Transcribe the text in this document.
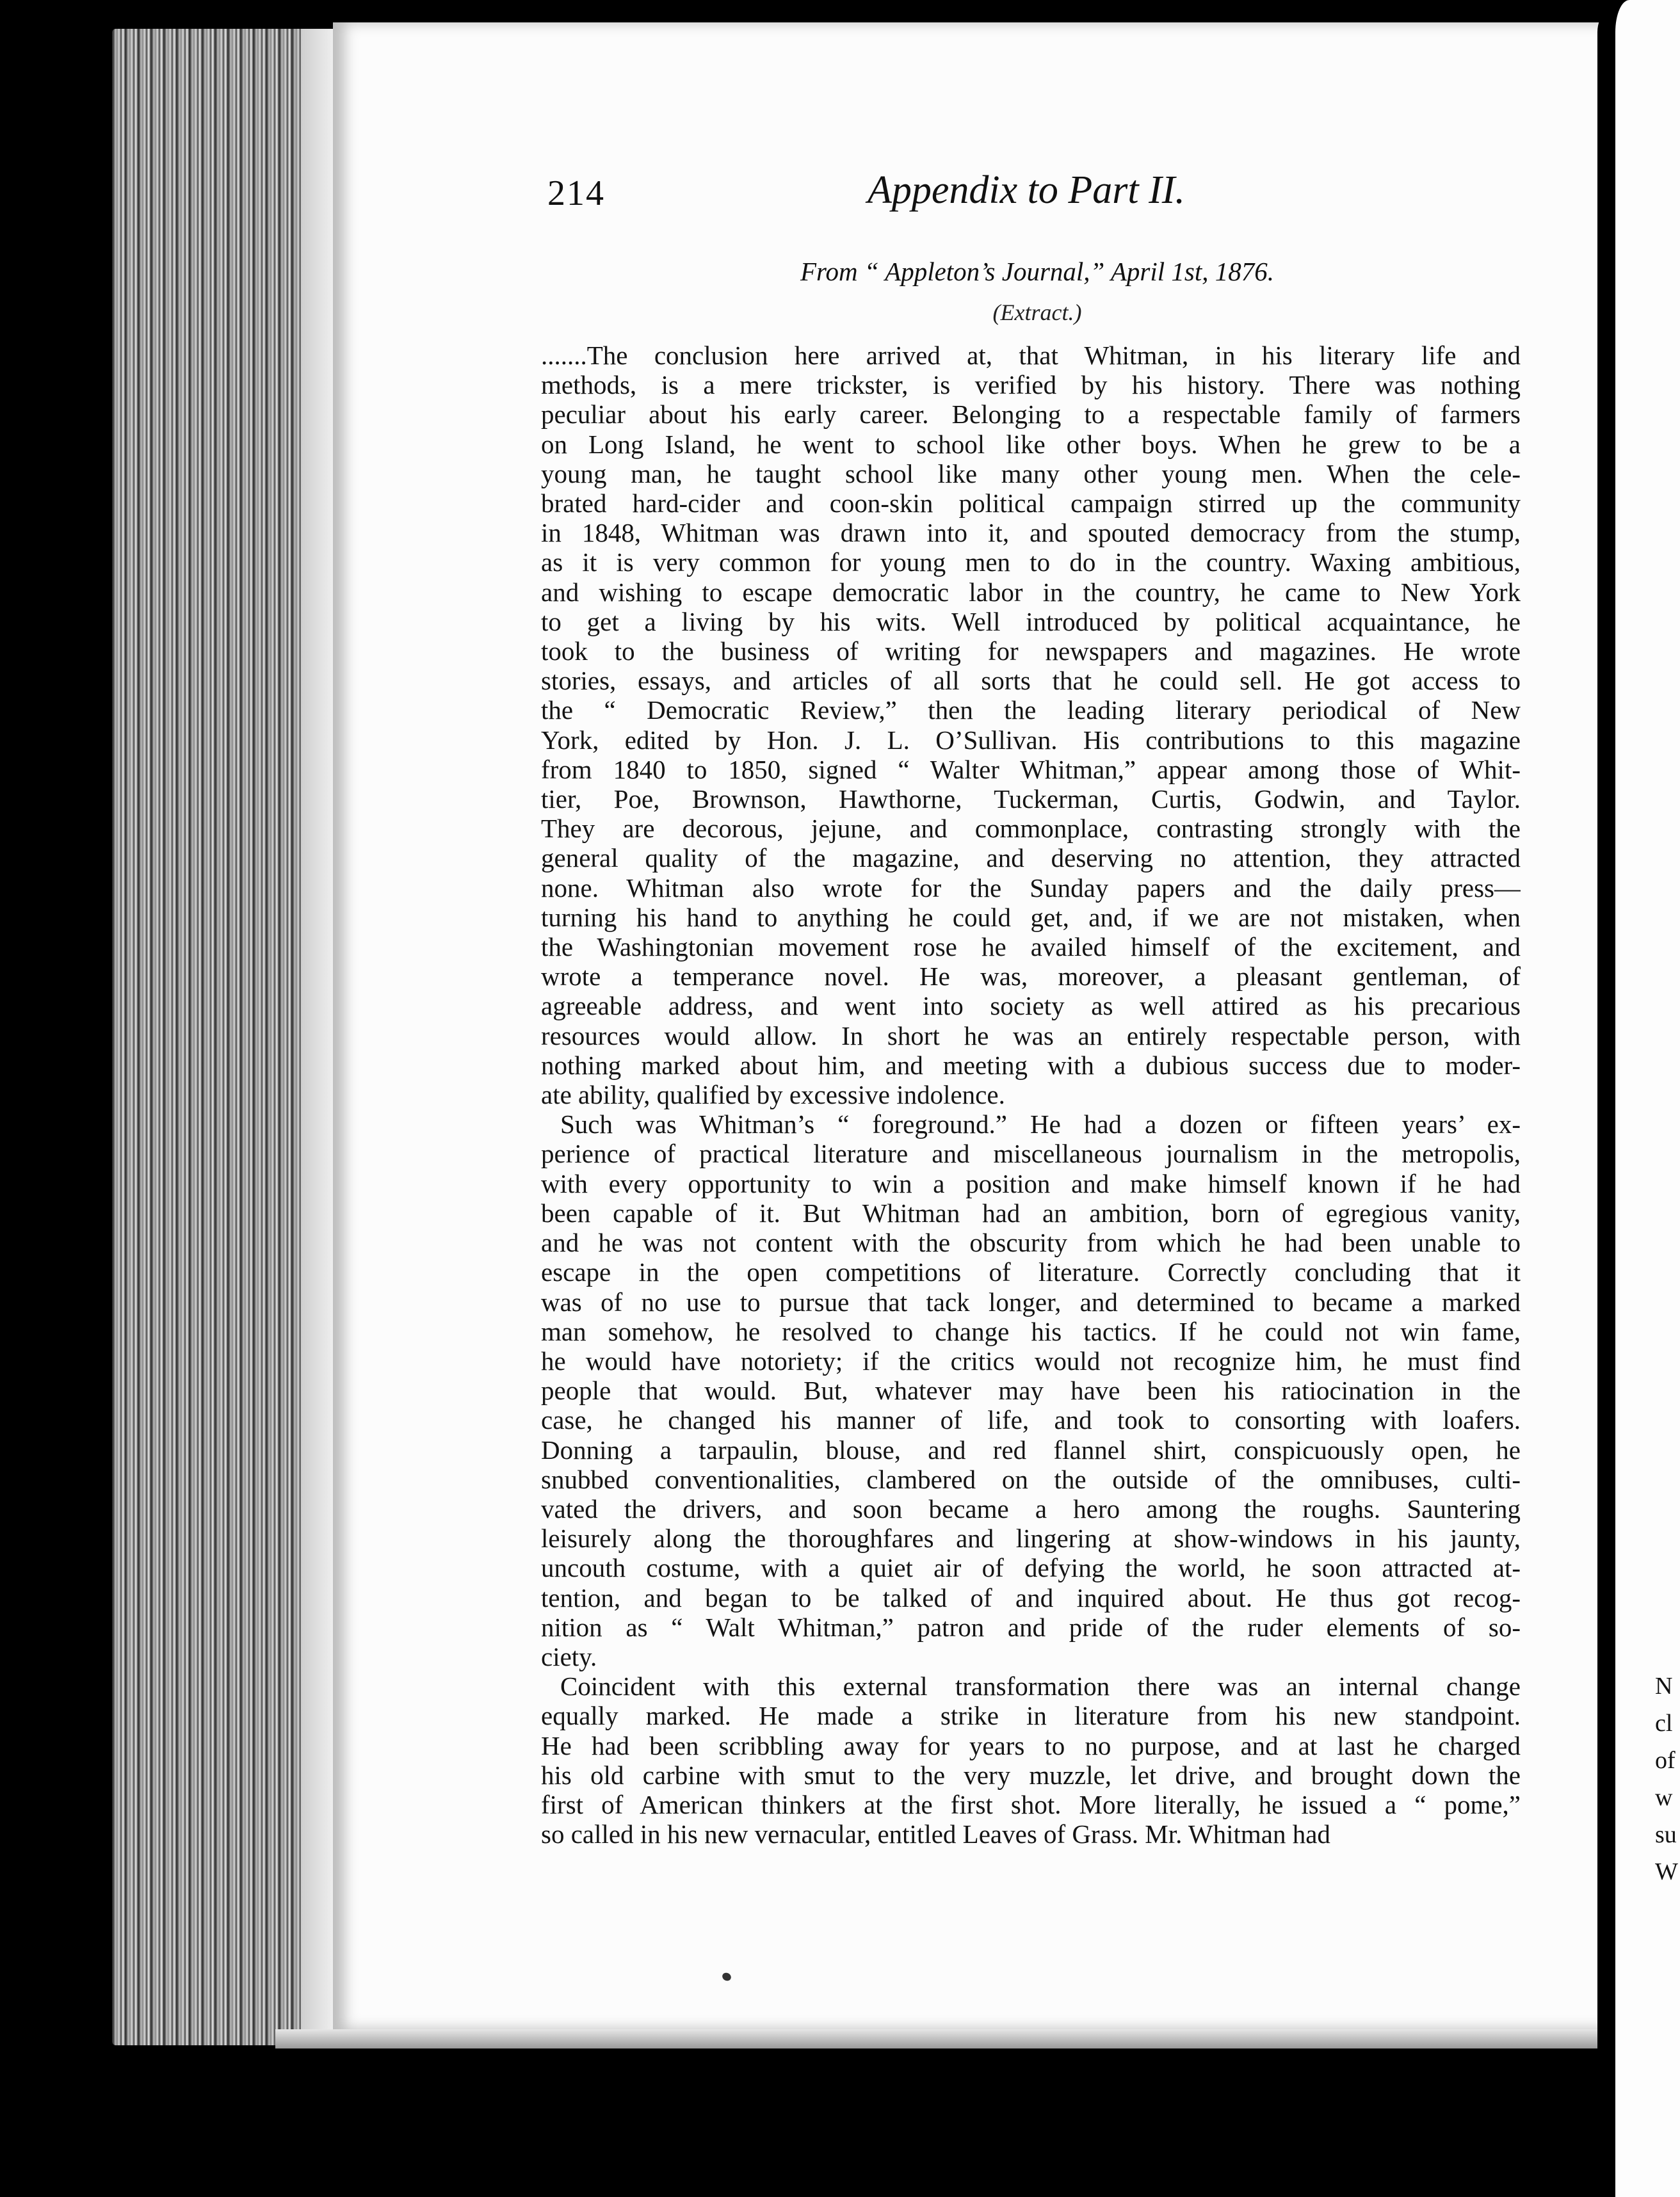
N
cl
of
w
su
W
214	Appendix to Part II.
From “ Appleton’s Journal,” April 1st, 1876.
(Extract.)

.......The conclusion here arrived at, that Whitman, in his literary life and
methods, is a mere trickster, is verified by his history. There was nothing
peculiar about his early career. Belonging to a respectable family of farmers
on Long Island, he went to school like other boys. When he grew to be a
young man, he taught school like many other young men. When the cele-
brated hard-cider and coon-skin political campaign stirred up the community
in 1848, Whitman was drawn into it, and spouted democracy from the stump,
as it is very common for young men to do in the country. Waxing ambitious,
and wishing to escape democratic labor in the country, he came to New York
to get a living by his wits. Well introduced by political acquaintance, he
took to the business of writing for newspapers and magazines. He wrote
stories, essays, and articles of all sorts that he could sell. He got access to
the “ Democratic Review,” then the leading literary periodical of New
York, edited by Hon. J. L. O’Sullivan. His contributions to this magazine
from 1840 to 1850, signed “ Walter Whitman,” appear among those of Whit-
tier, Poe, Brownson, Hawthorne, Tuckerman, Curtis, Godwin, and Taylor.
They are decorous, jejune, and commonplace, contrasting strongly with the
general quality of the magazine, and deserving no attention, they attracted
none. Whitman also wrote for the Sunday papers and the daily press—
turning his hand to anything he could get, and, if we are not mistaken, when
the Washingtonian movement rose he availed himself of the excitement, and
wrote a temperance novel. He was, moreover, a pleasant gentleman, of
agreeable address, and went into society as well attired as his precarious
resources would allow. In short he was an entirely respectable person, with
nothing marked about him, and meeting with a dubious success due to moder-
ate ability, qualified by excessive indolence.

Such was Whitman’s “ foreground.” He had a dozen or fifteen years’ ex-
perience of practical literature and miscellaneous journalism in the metropolis,
with every opportunity to win a position and make himself known if he had
been capable of it. But Whitman had an ambition, born of egregious vanity,
and he was not content with the obscurity from which he had been unable to
escape in the open competitions of literature. Correctly concluding that it
was of no use to pursue that tack longer, and determined to became a marked
man somehow, he resolved to change his tactics. If he could not win fame,
he would have notoriety; if the critics would not recognize him, he must find
people that would. But, whatever may have been his ratiocination in the
case, he changed his manner of life, and took to consorting with loafers.
Donning a tarpaulin, blouse, and red flannel shirt, conspicuously open, he
snubbed conventionalities, clambered on the outside of the omnibuses, culti-
vated the drivers, and soon became a hero among the roughs. Sauntering
leisurely along the thoroughfares and lingering at show-windows in his jaunty,
uncouth costume, with a quiet air of defying the world, he soon attracted at-
tention, and began to be talked of and inquired about. He thus got recog-
nition as “ Walt Whitman,” patron and pride of the ruder elements of so-
ciety.

Coincident with this external transformation there was an internal change
equally marked. He made a strike in literature from his new standpoint.
He had been scribbling away for years to no purpose, and at last he charged
his old carbine with smut to the very muzzle, let drive, and brought down the
first of American thinkers at the first shot. More literally, he issued a “ pome,”
so called in his new vernacular, entitled Leaves of Grass. Mr. Whitman had
